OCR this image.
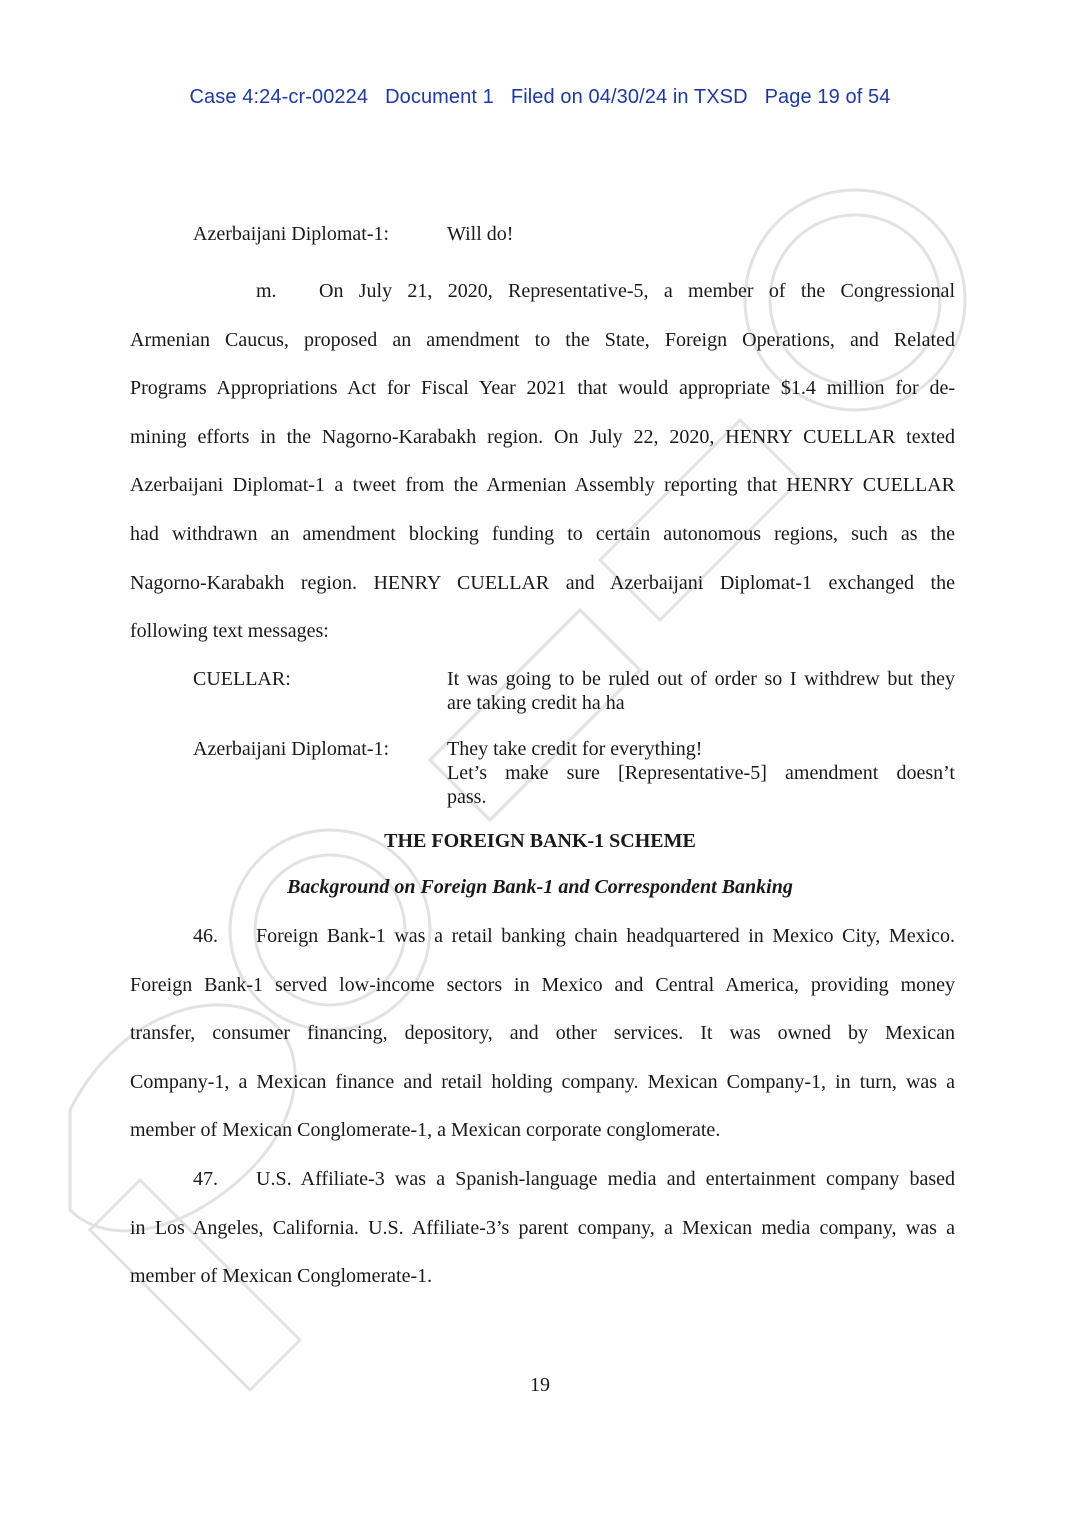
Case 4:24-cr-00224 Document 1 Filed on 04/30/24 in TXSD Page 19 of 54
Azerbaijani Diplomat-1:	Will do!
m. On July 21, 2020, Representative-5, a member of the Congressional
Armenian Caucus, proposed an amendment to the State, Foreign Operations, and Related
Programs Appropriations Act for Fiscal Year 2021 that would appropriate $1.4 million for de-
mining efforts in the Nagorno-Karabakh region. On July 22, 2020, HENRY CUELLAR texted
Azerbaijani Diplomat-1 a tweet from the Armenian Assembly reporting that HENRY CUELLAR
had withdrawn an amendment blocking funding to certain autonomous regions, such as the
Nagorno-Karabakh region. HENRY CUELLAR and Azerbaijani Diplomat-1 exchanged the
following text messages:
CUELLAR:	It was going to be ruled out of order so I withdrew but they
are taking credit ha ha
Azerbaijani Diplomat-1:	They take credit for everything!
Let’s make sure [Representative-5] amendment doesn’t
pass.
THE FOREIGN BANK-1 SCHEME
Background on Foreign Bank-1 and Correspondent Banking
46. Foreign Bank-1 was a retail banking chain headquartered in Mexico City, Mexico.
Foreign Bank-1 served low-income sectors in Mexico and Central America, providing money
transfer, consumer financing, depository, and other services. It was owned by Mexican
Company-1, a Mexican finance and retail holding company. Mexican Company-1, in turn, was a
member of Mexican Conglomerate-1, a Mexican corporate conglomerate.
47. U.S. Affiliate-3 was a Spanish-language media and entertainment company based
in Los Angeles, California. U.S. Affiliate-3’s parent company, a Mexican media company, was a
member of Mexican Conglomerate-1.
19
